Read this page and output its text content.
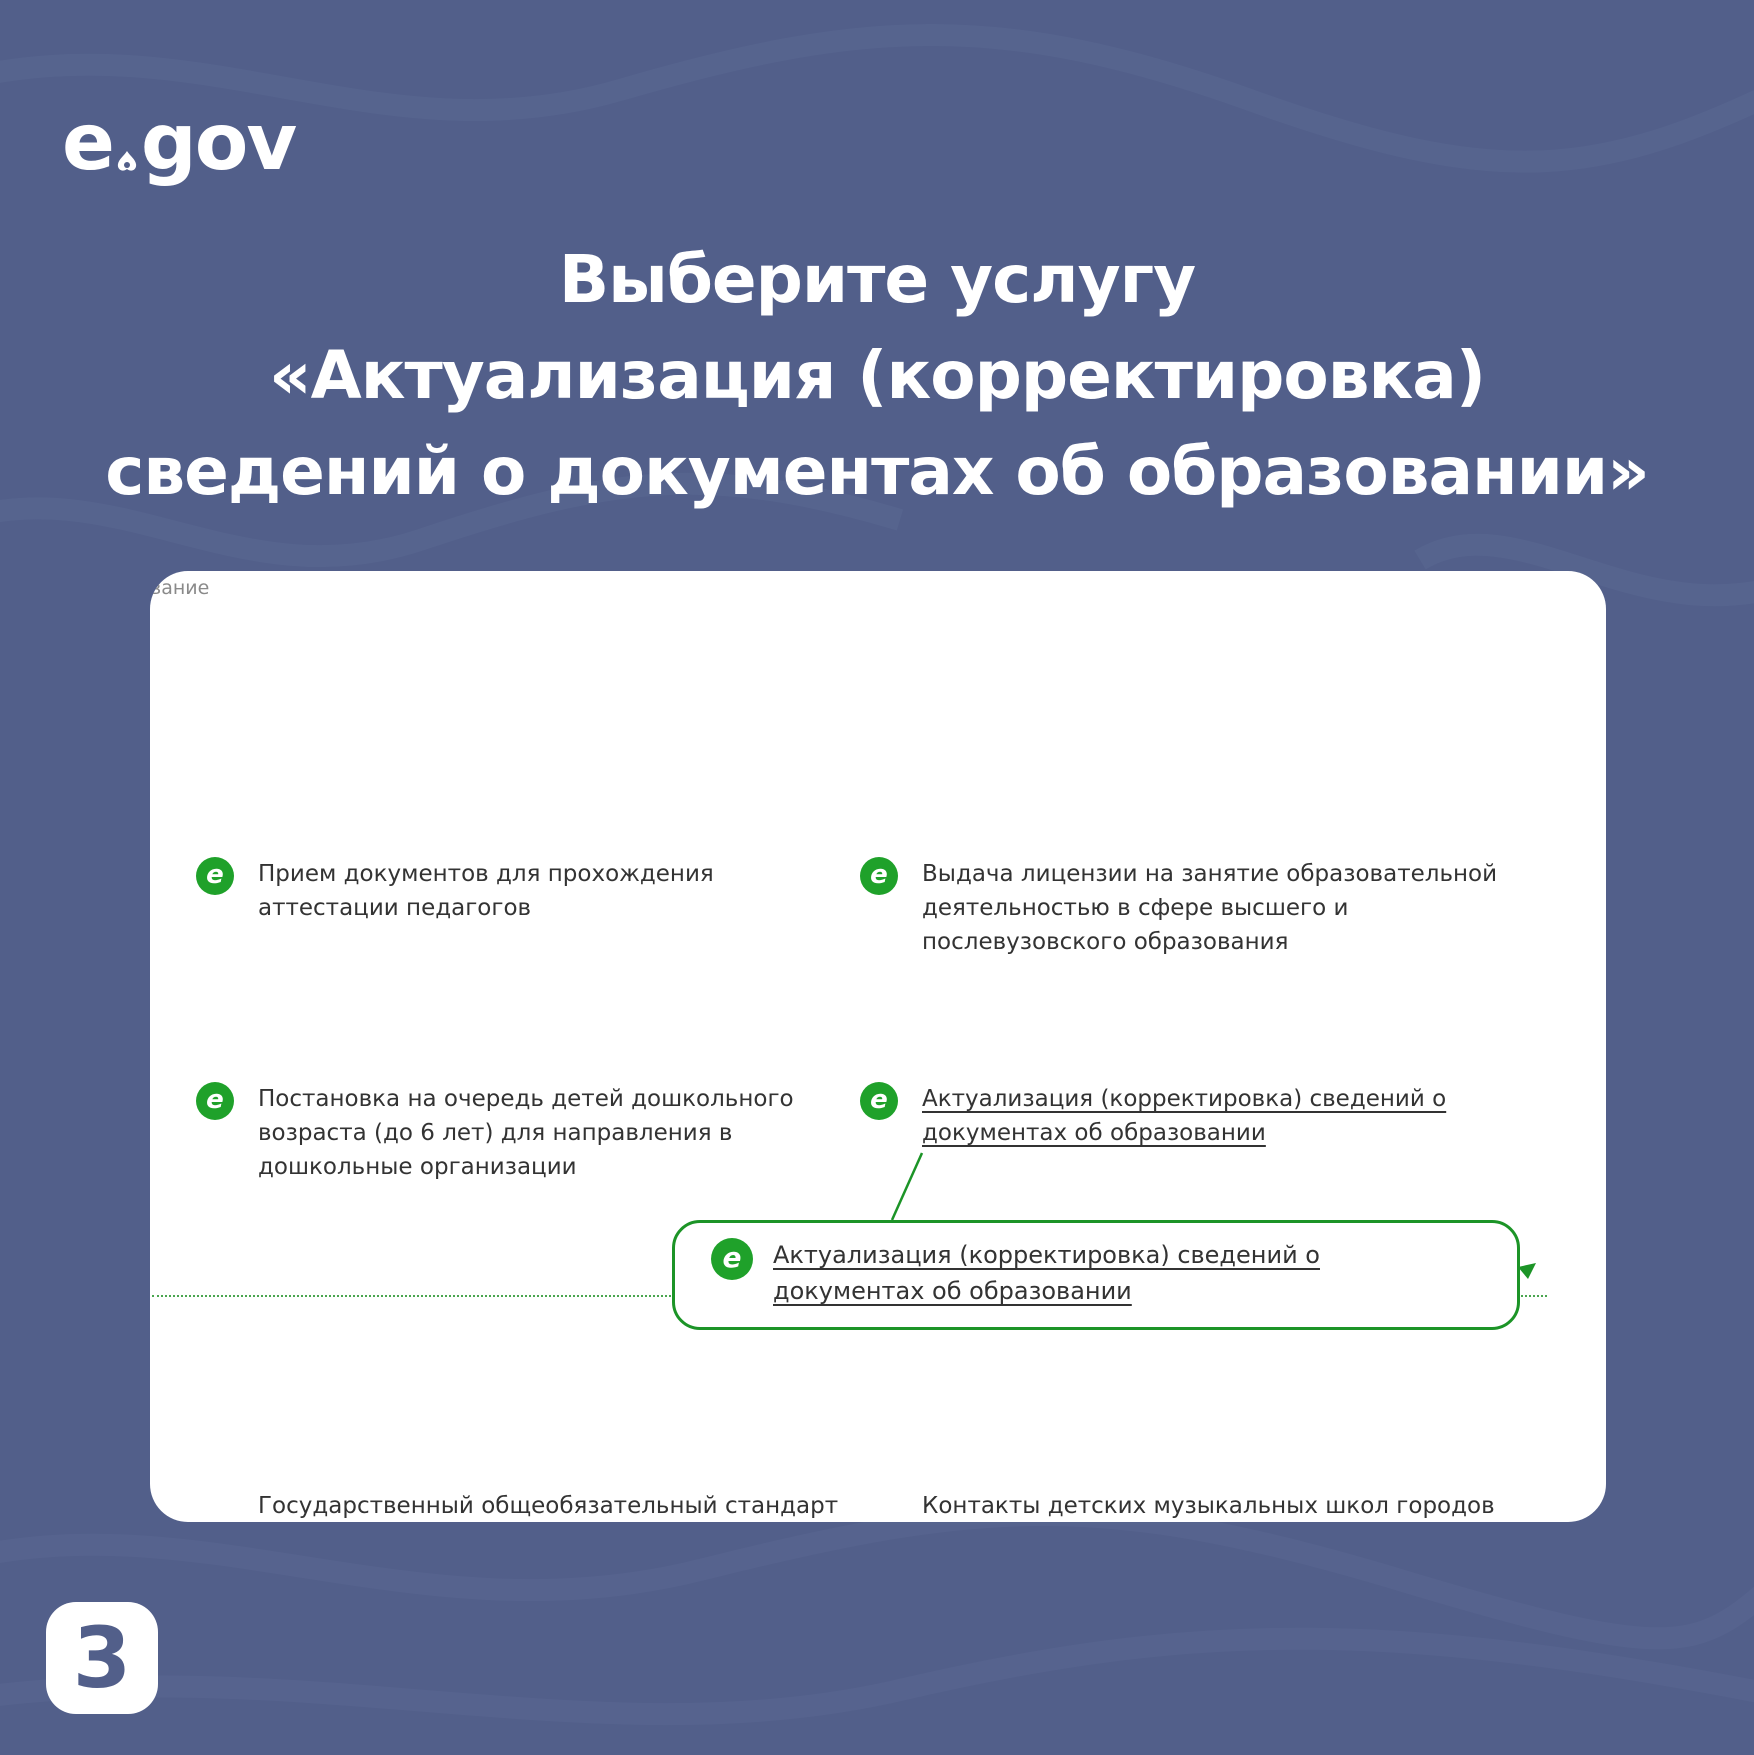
e gov
Выберите услугу
«Актуализация (корректировка)
сведений о документах об образовании»
вание
e	Прием документов для прохождения
аттестации педагогов
e	Выдача лицензии на занятие образовательной
деятельностью в сфере высшего и
послевузовского образования
e	Постановка на очередь детей дошкольного
возраста (до 6 лет) для направления в
дошкольные организации
e	Актуализация (корректировка) сведений о
документах об образовании
e	Актуализация (корректировка) сведений о
документах об образовании
Государственный общеобязательный стандарт	Контакты детских музыкальных школ городов
3
